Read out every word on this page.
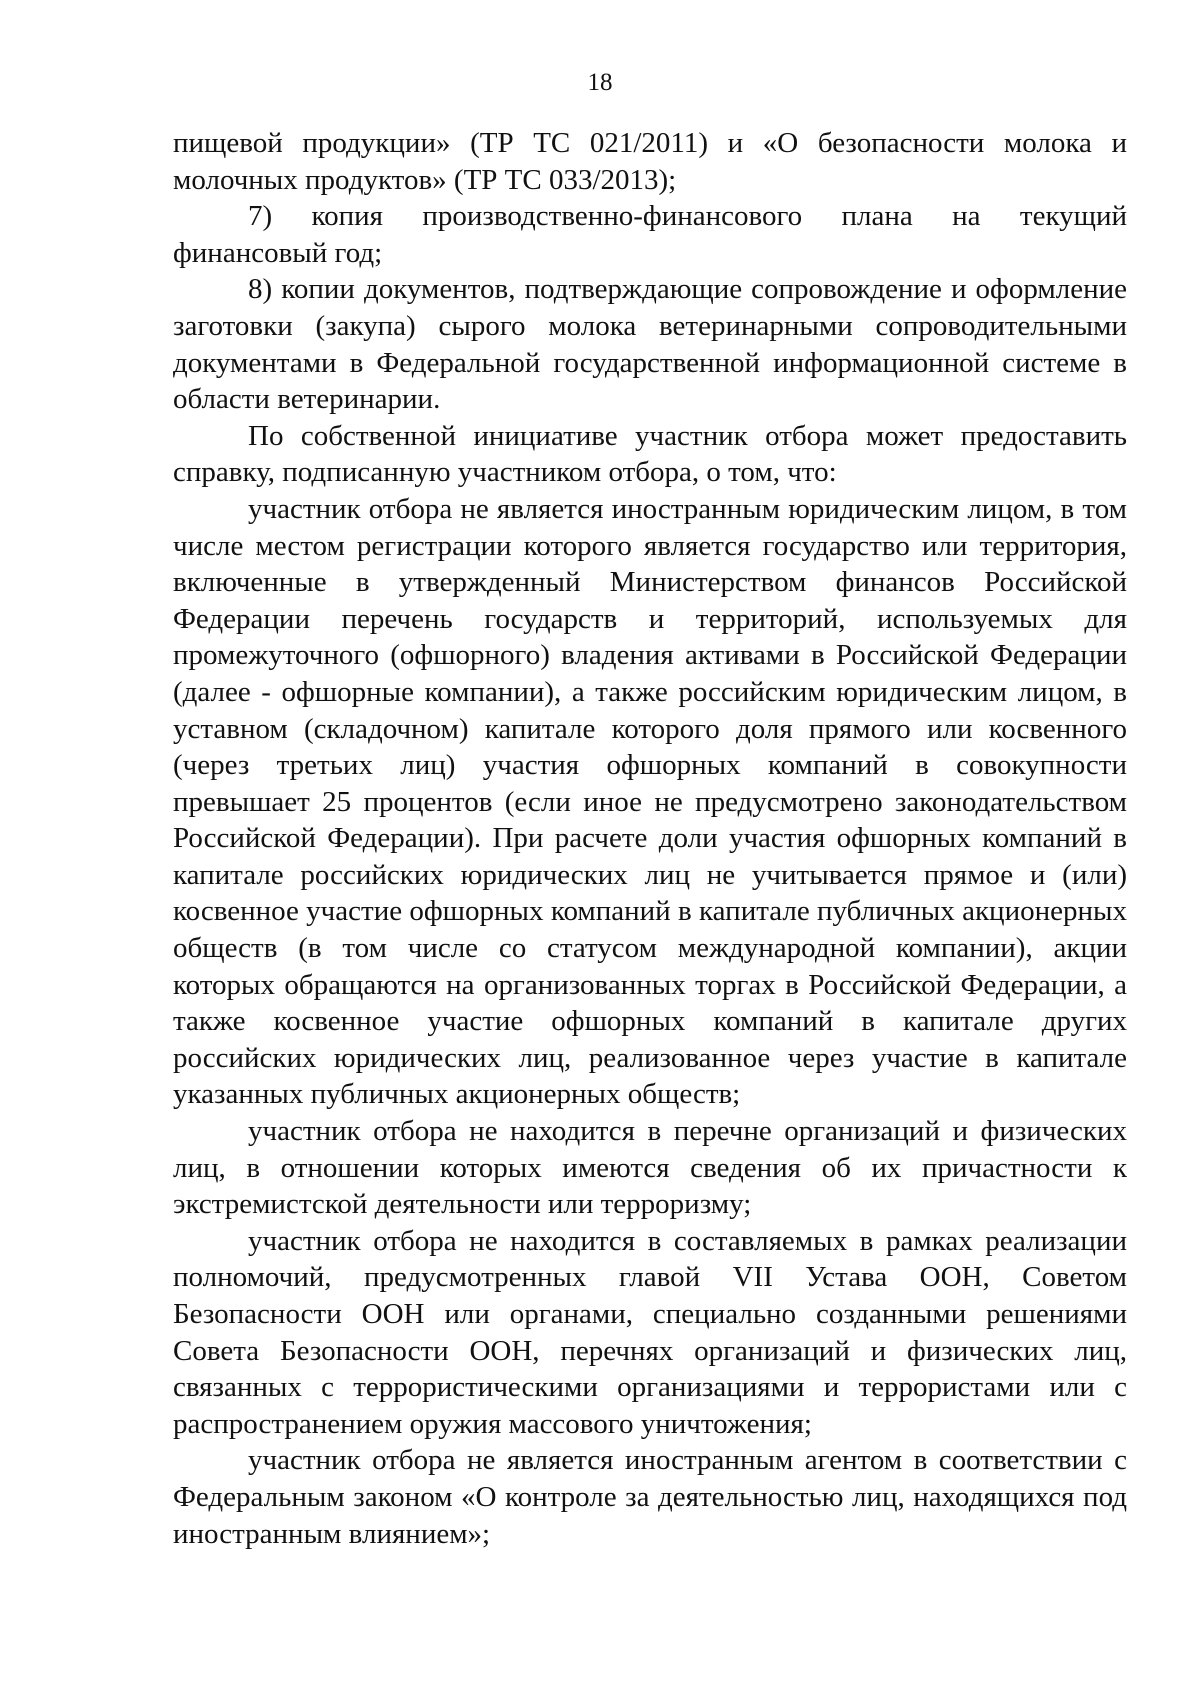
18

пищевой продукции» (ТР ТС 021/2011) и «О безопасности молока и молочных продуктов» (ТР ТС 033/2013);

7) копия производственно-финансового плана на текущий финансовый год;

8) копии документов, подтверждающие сопровождение и оформление заготовки (закупа) сырого молока ветеринарными сопроводительными документами в Федеральной государственной информационной системе в области ветеринарии.

По собственной инициативе участник отбора может предоставить справку, подписанную участником отбора, о том, что:

участник отбора не является иностранным юридическим лицом, в том числе местом регистрации которого является государство или территория, включенные в утвержденный Министерством финансов Российской Федерации перечень государств и территорий, используемых для промежуточного (офшорного) владения активами в Российской Федерации (далее - офшорные компании), а также российским юридическим лицом, в уставном (складочном) капитале которого доля прямого или косвенного (через третьих лиц) участия офшорных компаний в совокупности превышает 25 процентов (если иное не предусмотрено законодательством Российской Федерации). При расчете доли участия офшорных компаний в капитале российских юридических лиц не учитывается прямое и (или) косвенное участие офшорных компаний в капитале публичных акционерных обществ (в том числе со статусом международной компании), акции которых обращаются на организованных торгах в Российской Федерации, а также косвенное участие офшорных компаний в капитале других российских юридических лиц, реализованное через участие в капитале указанных публичных акционерных обществ;

участник отбора не находится в перечне организаций и физических лиц, в отношении которых имеются сведения об их причастности к экстремистской деятельности или терроризму;

участник отбора не находится в составляемых в рамках реализации полномочий, предусмотренных главой VII Устава ООН, Советом Безопасности ООН или органами, специально созданными решениями Совета Безопасности ООН, перечнях организаций и физических лиц, связанных с террористическими организациями и террористами или с распространением оружия массового уничтожения;

участник отбора не является иностранным агентом в соответствии с Федеральным законом «О контроле за деятельностью лиц, находящихся под иностранным влиянием»;
